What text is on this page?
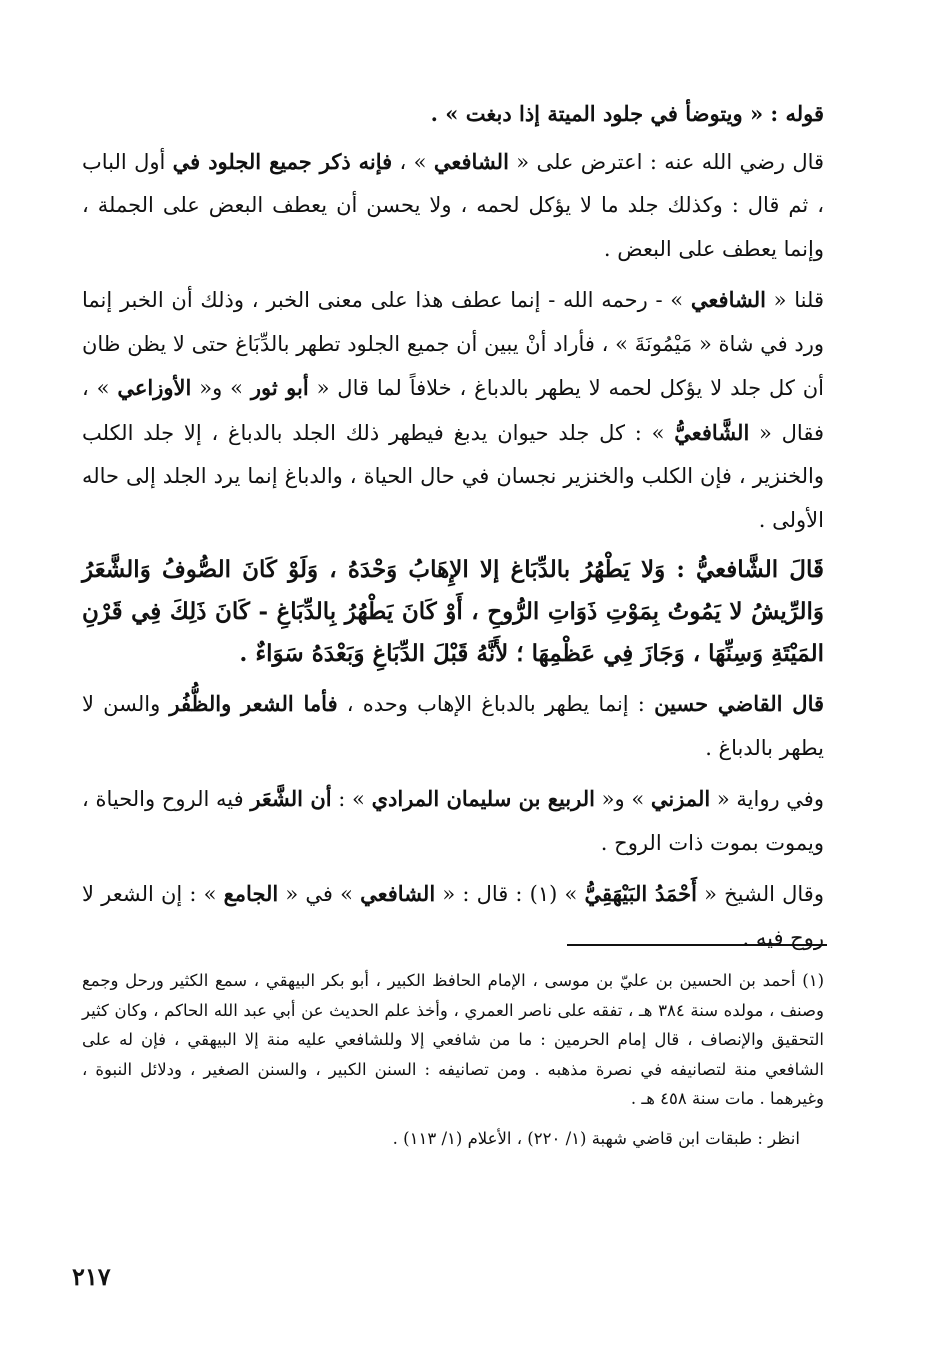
قوله : « ويتوضأ في جلود الميتة إذا دبغت » .

قال رضي الله عنه : اعترض على « الشافعي » ، فإنه ذكر جميع الجلود في أول الباب ، ثم قال : وكذلك جلد ما لا يؤكل لحمه ، ولا يحسن أن يعطف البعض على الجملة ، وإنما يعطف على البعض .

قلنا « الشافعي » - رحمه الله - إنما عطف هذا على معنى الخبر ، وذلك أن الخبر إنما ورد في شاة « مَيْمُونَةَ » ، فأراد أنْ يبين أن جميع الجلود تطهر بالدِّبَاغ حتى لا يظن ظان أن كل جلد لا يؤكل لحمه لا يطهر بالدباغ ، خلافاً لما قال « أبو ثور » و« الأوزاعي » ، فقال « الشَّافعيُّ » : كل جلد حيوان يدبغ فيطهر ذلك الجلد بالدباغ ، إلا جلد الكلب والخنزير ، فإن الكلب والخنزير نجسان في حال الحياة ، والدباغ إنما يرد الجلد إلى حاله الأولى .

قَالَ الشَّافعيُّ : وَلا يَطْهُرُ بالدِّبَاغ إلا الإِهَابُ وَحْدَهُ ، وَلَوْ كَانَ الصُّوفُ وَالشَّعَرُ وَالرِّيشُ لا يَمُوتُ بِمَوْتِ ذَوَاتِ الرُّوحِ ، أَوْ كَانَ يَطْهُرُ بِالدِّبَاغِ - كَانَ ذَلِكَ فِي قَرْنِ المَيْتَةِ وَسِنِّهَا ، وَجَازَ فِي عَظْمِهَا ؛ لأَنَّهُ قَبْلَ الدِّبَاغِ وَبَعْدَهُ سَوَاءٌ .

قال القاضي حسين : إنما يطهر بالدباغ الإهاب وحده ، فأما الشعر والظُّفُر والسن لا يطهر بالدباغ .

وفي رواية « المزني » و« الربيع بن سليمان المرادي » : أن الشَّعَر فيه الروح والحياة ، ويموت بموت ذات الروح .

وقال الشيخ « أَحْمَدُ البَيْهَقِيُّ » (١) : قال : « الشافعي » في « الجامع » : إن الشعر لا روح فيه .

(١) أحمد بن الحسين بن عليّ بن موسى ، الإمام الحافظ الكبير ، أبو بكر البيهقي ، سمع الكثير ورحل وجمع وصنف ، مولده سنة ٣٨٤ هـ ، تفقه على ناصر العمري ، وأخذ علم الحديث عن أبي عبد الله الحاكم ، وكان كثير التحقيق والإنصاف ، قال إمام الحرمين : ما من شافعي إلا وللشافعي عليه منة إلا البيهقي ، فإن له على الشافعي منة لتصانيفه في نصرة مذهبه . ومن تصانيفه : السنن الكبير ، والسنن الصغير ، ودلائل النبوة ، وغيرهما . مات سنة ٤٥٨ هـ .

انظر : طبقات ابن قاضي شهبة (١/ ٢٢٠) ، الأعلام (١/ ١١٣) .

٢١٧
